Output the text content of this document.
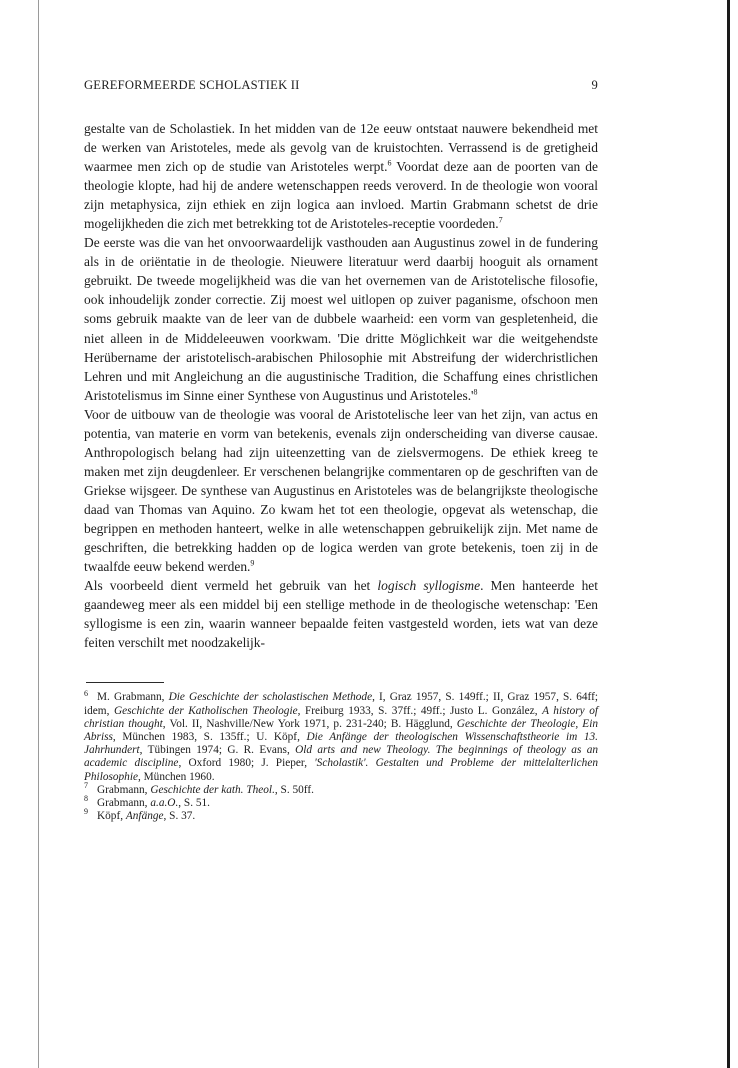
GEREFORMEERDE SCHOLASTIEK II	9

gestalte van de Scholastiek. In het midden van de 12e eeuw ontstaat nauwere bekendheid met de werken van Aristoteles, mede als gevolg van de kruistochten. Verrassend is de gretigheid waarmee men zich op de studie van Aristoteles werpt.$^6$ Voordat deze aan de poorten van de theologie klopte, had hij de andere wetenschappen reeds veroverd. In de theologie won vooral zijn metaphysica, zijn ethiek en zijn logica aan invloed. Martin Grabmann schetst de drie mogelijkheden die zich met betrekking tot de Aristoteles-receptie voordeden.$^7$

De eerste was die van het onvoorwaardelijk vasthouden aan Augustinus zowel in de fundering als in de oriëntatie in de theologie. Nieuwere literatuur werd daarbij hooguit als ornament gebruikt. De tweede mogelijkheid was die van het overnemen van de Aristotelische filosofie, ook inhoudelijk zonder correctie. Zij moest wel uitlopen op zuiver paganisme, ofschoon men soms gebruik maakte van de leer van de dubbele waarheid: een vorm van gespletenheid, die niet alleen in de Middeleeuwen voorkwam. 'Die dritte Möglichkeit war die weitgehendste Herübername der aristotelisch-arabischen Philosophie mit Abstreifung der widerchristlichen Lehren und mit Angleichung an die augustinische Tradition, die Schaffung eines christlichen Aristotelismus im Sinne einer Synthese von Augustinus und $Aristoteles.'^8$

Voor de uitbouw van de theologie was vooral de Aristotelische leer van het zijn, van actus en potentia, van materie en vorm van betekenis, evenals zijn onderscheiding van diverse causae. Anthropologisch belang had zijn uiteenzetting van de zielsvermogens. De ethiek kreeg te maken met zijn deugdenleer. Er verschenen belangrijke commentaren op de geschriften van de Griekse wijsgeer. De synthese van Augustinus en Aristoteles was de belangrijkste theologische daad van Thomas van Aquino. Zo kwam het tot een theologie, opgevat als wetenschap, die begrippen en methoden hanteert, welke in alle wetenschappen gebruikelijk zijn. Met name de geschriften, die betrekking hadden op de logica werden van grote betekenis, toen zij in de twaalfde eeuw bekend werden.$^9$

Als voorbeeld dient vermeld het gebruik van het logisch syllogisme. Men hanteerde het gaandeweg meer als een middel bij een stellige methode in de theologische wetenschap: 'Een syllogisme is een zin, waarin wanneer bepaalde feiten vastgesteld worden, iets wat van deze feiten verschilt met noodzakelijk-

$^6$ M. Grabmann, Die Geschichte der scholastischen Methode, I, Graz 1957, S. 149ff.; II, Graz 1957, S. 64ff; idem, Geschichte der Katholischen Theologie, Freiburg 1933, S. 37ff.; 49ff.; Justo L. González, A history of christian thought, Vol. II, Nashville/New York 1971, p. 231-240; B. Hägglund, Geschichte der Theologie, Ein Abriss, München 1983, S. 135ff.; U. Köpf, Die Anfänge der theologischen Wissenschaftstheorie im 13. Jahrhundert, Tübingen 1974; G. R. Evans, Old arts and new Theology. The beginnings of theology as an academic discipline, Oxford 1980; J. Pieper, 'Scholastik'. Gestalten und Probleme der mittelalterlichen Philosophie, München 1960.
$^7$ Grabmann, Geschichte der kath. Theol., S. 50ff.
$^8$ Grabmann, a.a.O., S. 51.
$^9$ Köpf, Anfänge, S. 37.
